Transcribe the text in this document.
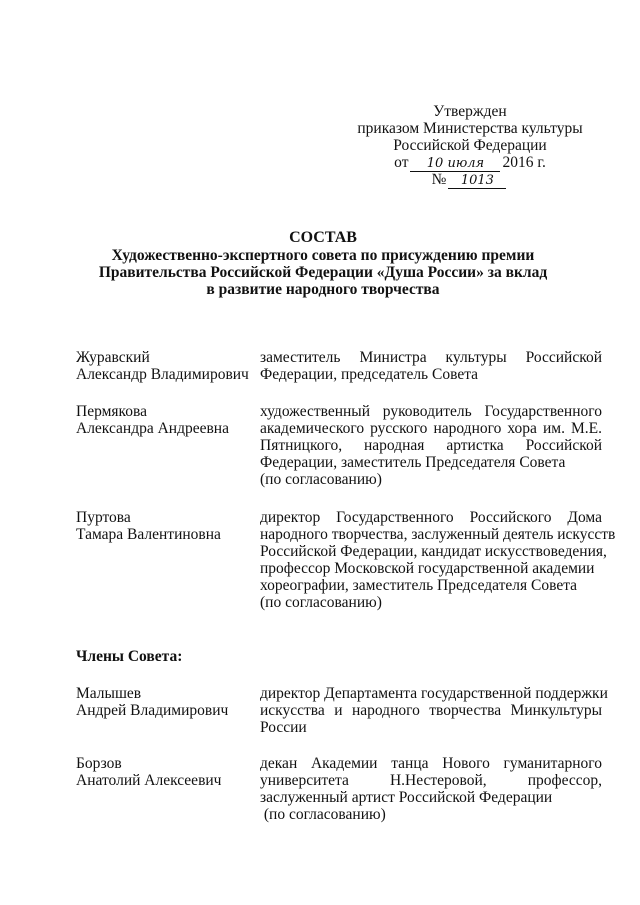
Утвержден
приказом Министерства культуры
Российской Федерации
от 10 июля 2016 г.
№ 1013
СОСТАВ
Художественно-экспертного совета по присуждению премии
Правительства Российской Федерации «Душа России» за вклад
в развитие народного творчества
Журавский
Александр Владимирович
заместитель Министра культуры Российской
Федерации, председатель Совета
Пермякова
Александра Андреевна
художественный руководитель Государственного
академического русского народного хора им. М.Е.
Пятницкого, народная артистка Российской
Федерации, заместитель Председателя Совета
(по согласованию)
Пуртова
Тамара Валентиновна
директор Государственного Российского Дома
народного творчества, заслуженный деятель искусств
Российской Федерации, кандидат искусствоведения,
профессор Московской государственной академии
хореографии, заместитель Председателя Совета
(по согласованию)
Члены Совета:
Малышев
Андрей Владимирович
директор Департамента государственной поддержки
искусства и народного творчества Минкультуры
России
Борзов
Анатолий Алексеевич
декан Академии танца Нового гуманитарного
университета Н.Нестеровой, профессор,
заслуженный артист Российской Федерации
(по согласованию)
